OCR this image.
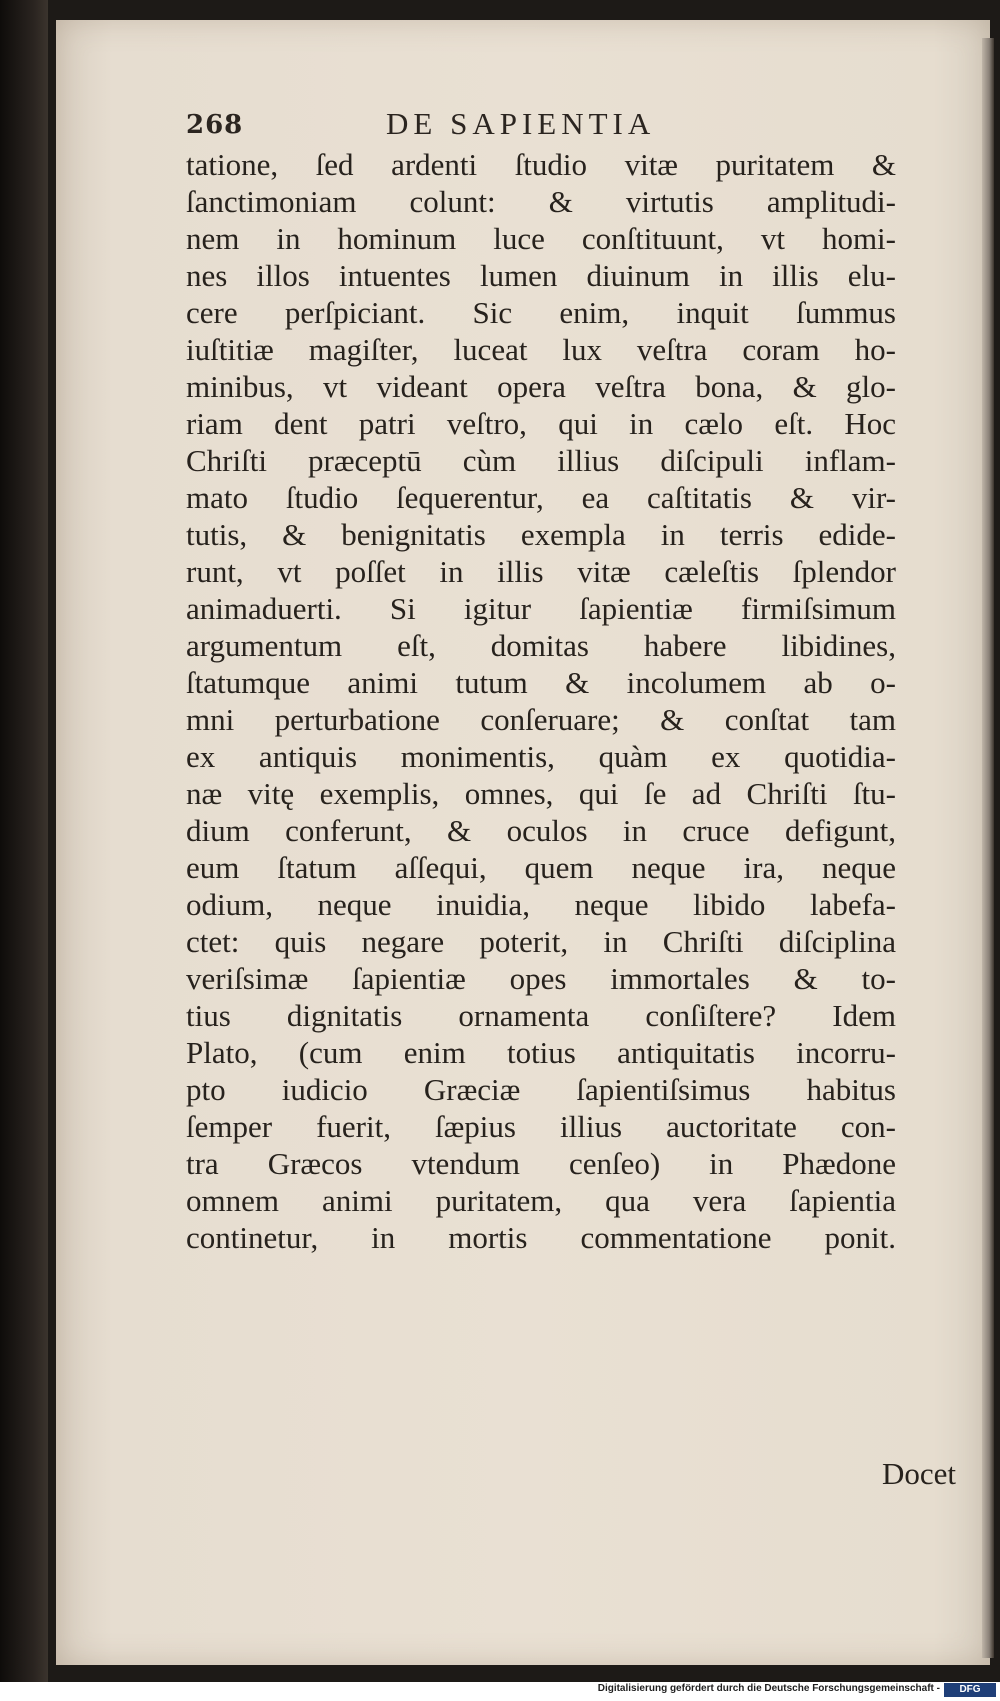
268	DE SAPIENTIA
tatione, ſed ardenti ſtudio vitæ puritatem &
ſanctimoniam colunt: & virtutis amplitudi-
nem in hominum luce conſtituunt, vt homi-
nes illos intuentes lumen diuinum in illis elu-
cere perſpiciant. Sic enim, inquit ſummus
iuſtitiæ magiſter, luceat lux veſtra coram ho-
minibus, vt videant opera veſtra bona, & glo-
riam dent patri veſtro, qui in cælo eſt. Hoc
Chriſti præceptū cùm illius diſcipuli inflam-
mato ſtudio ſequerentur, ea caſtitatis & vir-
tutis, & benignitatis exempla in terris edide-
runt, vt poſſet in illis vitæ cæleſtis ſplendor
animaduerti. Si igitur ſapientiæ firmiſsimum
argumentum eſt, domitas habere libidines,
ſtatumque animi tutum & incolumem ab o-
mni perturbatione conſeruare; & conſtat tam
ex antiquis monimentis, quàm ex quotidia-
næ vitę exemplis, omnes, qui ſe ad Chriſti ſtu-
dium conferunt, & oculos in cruce defigunt,
eum ſtatum aſſequi, quem neque ira, neque
odium, neque inuidia, neque libido labefa-
ctet: quis negare poterit, in Chriſti diſciplina
veriſsimæ ſapientiæ opes immortales & to-
tius dignitatis ornamenta conſiſtere? Idem
Plato, (cum enim totius antiquitatis incorru-
pto iudicio Græciæ ſapientiſsimus habitus
ſemper fuerit, ſæpius illius auctoritate con-
tra Græcos vtendum cenſeo) in Phædone
omnem animi puritatem, qua vera ſapientia
continetur, in mortis commentatione ponit.
Docet
Digitalisierung gefördert durch die Deutsche Forschungsgemeinschaft -	DFG
